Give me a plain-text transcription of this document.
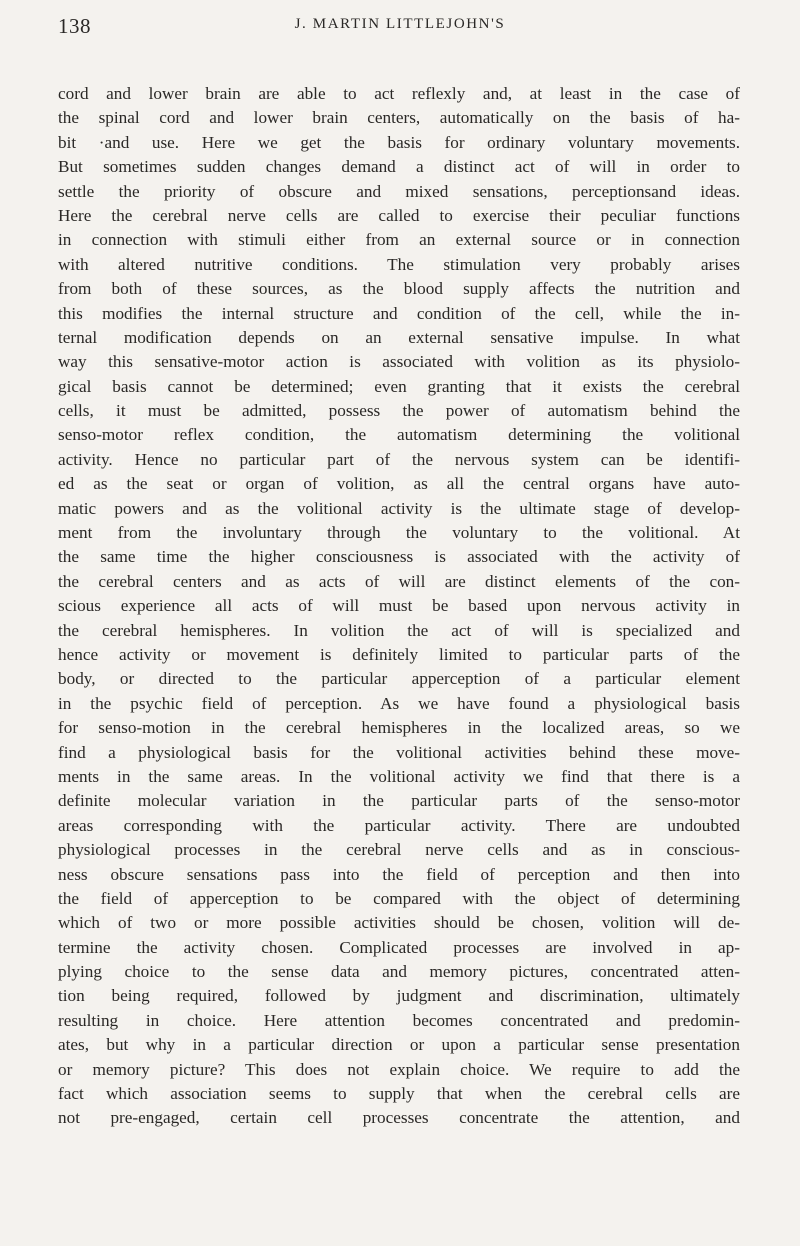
138	J. MARTIN LITTLEJOHN'S
cord and lower brain are able to act reflexly and, at least in the case of
the spinal cord and lower brain centers, automatically on the basis of ha-
bit ·and use. Here we get the basis for ordinary voluntary movements.
But sometimes sudden changes demand a distinct act of will in order to
settle the priority of obscure and mixed sensations, perceptionsand ideas.
Here the cerebral nerve cells are called to exercise their peculiar functions
in connection with stimuli either from an external source or in connection
with altered nutritive conditions. The stimulation very probably arises
from both of these sources, as the blood supply affects the nutrition and
this modifies the internal structure and condition of the cell, while the in-
ternal modification depends on an external sensative impulse. In what
way this sensative-motor action is associated with volition as its physiolo-
gical basis cannot be determined; even granting that it exists the cerebral
cells, it must be admitted, possess the power of automatism behind the
senso-motor reflex condition, the automatism determining the volitional
activity. Hence no particular part of the nervous system can be identifi-
ed as the seat or organ of volition, as all the central organs have auto-
matic powers and as the volitional activity is the ultimate stage of develop-
ment from the involuntary through the voluntary to the volitional. At
the same time the higher consciousness is associated with the activity of
the cerebral centers and as acts of will are distinct elements of the con-
scious experience all acts of will must be based upon nervous activity in
the cerebral hemispheres. In volition the act of will is specialized and
hence activity or movement is definitely limited to particular parts of the
body, or directed to the particular apperception of a particular element
in the psychic field of perception. As we have found a physiological basis
for senso-motion in the cerebral hemispheres in the localized areas, so we
find a physiological basis for the volitional activities behind these move-
ments in the same areas. In the volitional activity we find that there is a
definite molecular variation in the particular parts of the senso-motor
areas corresponding with the particular activity. There are undoubted
physiological processes in the cerebral nerve cells and as in conscious-
ness obscure sensations pass into the field of perception and then into
the field of apperception to be compared with the object of determining
which of two or more possible activities should be chosen, volition will de-
termine the activity chosen. Complicated processes are involved in ap-
plying choice to the sense data and memory pictures, concentrated atten-
tion being required, followed by judgment and discrimination, ultimately
resulting in choice. Here attention becomes concentrated and predomin-
ates, but why in a particular direction or upon a particular sense presentation
or memory picture? This does not explain choice. We require to add the
fact which association seems to supply that when the cerebral cells are
not pre-engaged, certain cell processes concentrate the attention, and
